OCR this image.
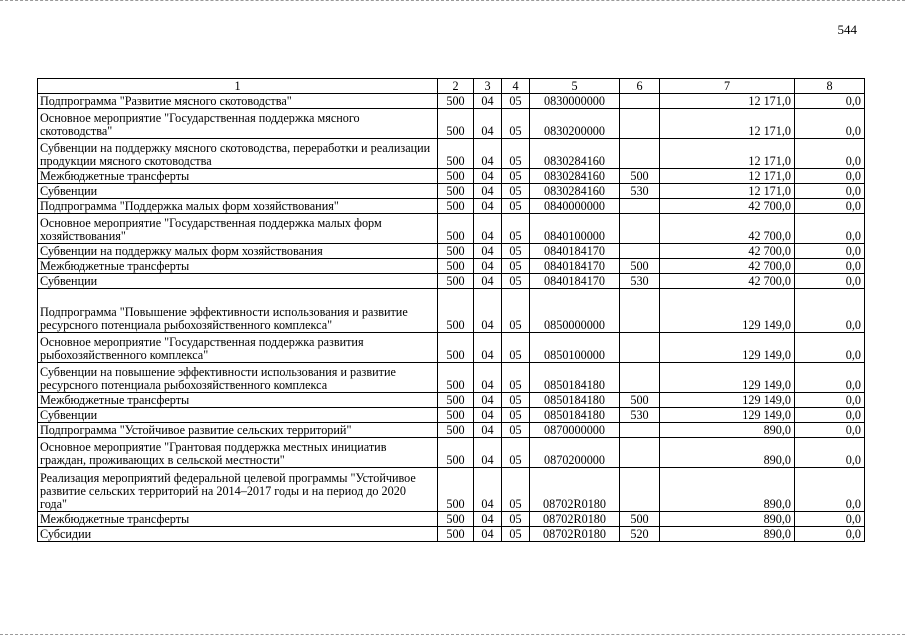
544
1	2	3	4	5	6	7	8
Подпрограмма "Развитие мясного скотоводства"	500	04	05	0830000000		12 171,0	0,0
Основное мероприятие "Государственная поддержка мясного скотоводства"	500	04	05	0830200000		12 171,0	0,0
Субвенции на поддержку мясного скотоводства, переработки и реализации продукции мясного скотоводства	500	04	05	0830284160		12 171,0	0,0
Межбюджетные трансферты	500	04	05	0830284160	500	12 171,0	0,0
Субвенции	500	04	05	0830284160	530	12 171,0	0,0
Подпрограмма "Поддержка малых форм хозяйствования"	500	04	05	0840000000		42 700,0	0,0
Основное мероприятие "Государственная поддержка малых форм хозяйствования"	500	04	05	0840100000		42 700,0	0,0
Субвенции на поддержку малых форм хозяйствования	500	04	05	0840184170		42 700,0	0,0
Межбюджетные трансферты	500	04	05	0840184170	500	42 700,0	0,0
Субвенции	500	04	05	0840184170	530	42 700,0	0,0
Подпрограмма "Повышение эффективности использования и развитие ресурсного потенциала рыбохозяйственного комплекса"	500	04	05	0850000000		129 149,0	0,0
Основное мероприятие "Государственная поддержка развития рыбохозяйственного комплекса"	500	04	05	0850100000		129 149,0	0,0
Субвенции на повышение эффективности использования и развитие ресурсного потенциала рыбохозяйственного комплекса	500	04	05	0850184180		129 149,0	0,0
Межбюджетные трансферты	500	04	05	0850184180	500	129 149,0	0,0
Субвенции	500	04	05	0850184180	530	129 149,0	0,0
Подпрограмма "Устойчивое развитие сельских территорий"	500	04	05	0870000000		890,0	0,0
Основное мероприятие "Грантовая поддержка местных инициатив граждан, проживающих в сельской местности"	500	04	05	0870200000		890,0	0,0
Реализация мероприятий федеральной целевой программы "Устойчивое развитие сельских территорий на 2014–2017 годы и на период до 2020 года"	500	04	05	08702R0180		890,0	0,0
Межбюджетные трансферты	500	04	05	08702R0180	500	890,0	0,0
Субсидии	500	04	05	08702R0180	520	890,0	0,0
